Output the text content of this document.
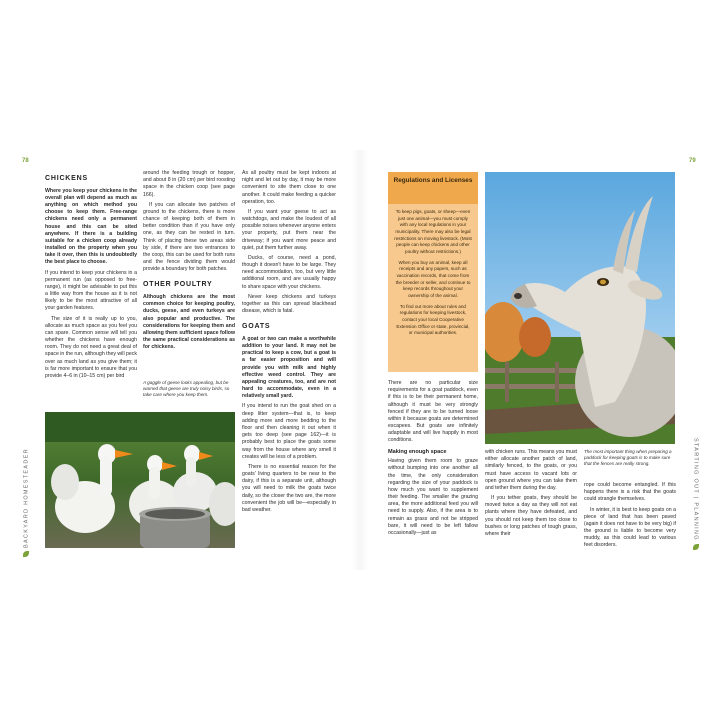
78
BACKYARD HOMESTEADER
CHICKENS

Where you keep your chickens in the overall plan will depend as much as anything on which method you choose to keep them. Free-range chickens need only a permanent house and this can be sited anywhere. If there is a building suitable for a chicken coop already installed on the property when you take it over, then this is undoubtedly the best place to choose.

If you intend to keep your chickens in a permanent run (as opposed to free-range), it might be advisable to put this a little way from the house as it is not likely to be the most attractive of all your garden features.

The size of it is really up to you, allocate as much space as you feel you can spare. Common sense will tell you whether the chickens have enough room. They do not need a great deal of space in the run, although they will peck over as much land as you give them; it is far more important to ensure that you provide 4–6 in (10–15 cm) per bird

around the feeding trough or hopper, and about 8 in (20 cm) per bird roosting space in the chicken coop (see page 166).

If you can allocate two patches of ground to the chickens, there is more chance of keeping both of them in better condition than if you have only one, as they can be rested in turn. Think of placing these two areas side by side, if there are two entrances to the coop, this can be used for both runs and the fence dividing them would provide a boundary for both patches.

OTHER POULTRY

Although chickens are the most common choice for keeping poultry, ducks, geese, and even turkeys are also popular and productive. The considerations for keeping them and allowing them sufficient space follow the same practical considerations as for chickens.

A gaggle of geese looks appealing, but be warned that geese are truly noisy birds, so take care where you keep them.

As all poultry must be kept indoors at night and let out by day, it may be more convenient to site them close to one another. It could make feeding a quicker operation, too.

If you want your geese to act as watchdogs, and make the loudest of all possible noises whenever anyone enters your property, put them near the driveway; if you want more peace and quiet, put them further away.

Ducks, of course, need a pond, though it doesn't have to be large. They need accommodation, too, but very little additional room, and are usually happy to share space with your chickens.

Never keep chickens and turkeys together as this can spread blackhead disease, which is fatal.

GOATS

A goat or two can make a worthwhile addition to your land. It may not be practical to keep a cow, but a goat is a far easier proposition and will provide you with milk and highly effective weed control. They are appealing creatures, too, and are not hard to accommodate, even in a relatively small yard.

If you intend to run the goat shed on a deep litter system—that is, to keep adding more and more bedding to the floor and then cleaning it out when it gets too deep (see page 162)—it is probably best to place the goats some way from the house where any smell it creates will be less of a problem.

There is no essential reason for the goats' living quarters to be near to the dairy, if this is a separate unit, although you will need to milk the goats twice daily, so the closer the two are, the more convenient the job will be—especially in bad weather.

79
STARTING OUT | PLANNING
Regulations and Licenses

To keep pigs, goats, or sheep—even just one animal—you must comply with any local regulations in your municipality. There may also be legal restrictions on moving livestock. (Most people can keep chickens and other poultry without restrictions.)

When you buy an animal, keep all receipts and any papers, such as vaccination records, that come from the breeder or seller, and continue to keep records throughout your ownership of the animal.

To find out more about rules and regulations for keeping livestock, contact your local Cooperative Extension Office or state, provincial, or municipal authorities.

The most important thing when preparing a paddock for keeping goats is to make sure that the fences are really strong.

There are no particular size requirements for a goat paddock, even if this is to be their permanent home, although it must be very strongly fenced if they are to be turned loose within it because goats are determined escapees. But goats are infinitely adaptable and will live happily in most conditions.

Making enough space

Having given them room to graze without bumping into one another all the time, the only consideration regarding the size of your paddock is how much you want to supplement their feeding. The smaller the grazing area, the more additional feed you will need to supply. Also, if the area is to remain as grass and not be stripped bare, it will need to be left fallow occasionally—just as

with chicken runs. This means you must either allocate another patch of land, similarly fenced, to the goats, or you must have access to vacant lots or open ground where you can take them and tether them during the day.

If you tether goats, they should be moved twice a day as they will not eat plants where they have defeated, and you should not keep them too close to bushes or long patches of tough grass, where their

rope could become entangled. If this happens there is a risk that the goats could strangle themselves.

In winter, it is best to keep goats on a piece of land that has been paved (again it does not have to be very big) if the ground is liable to become very muddy, as this could lead to various feet disorders.
